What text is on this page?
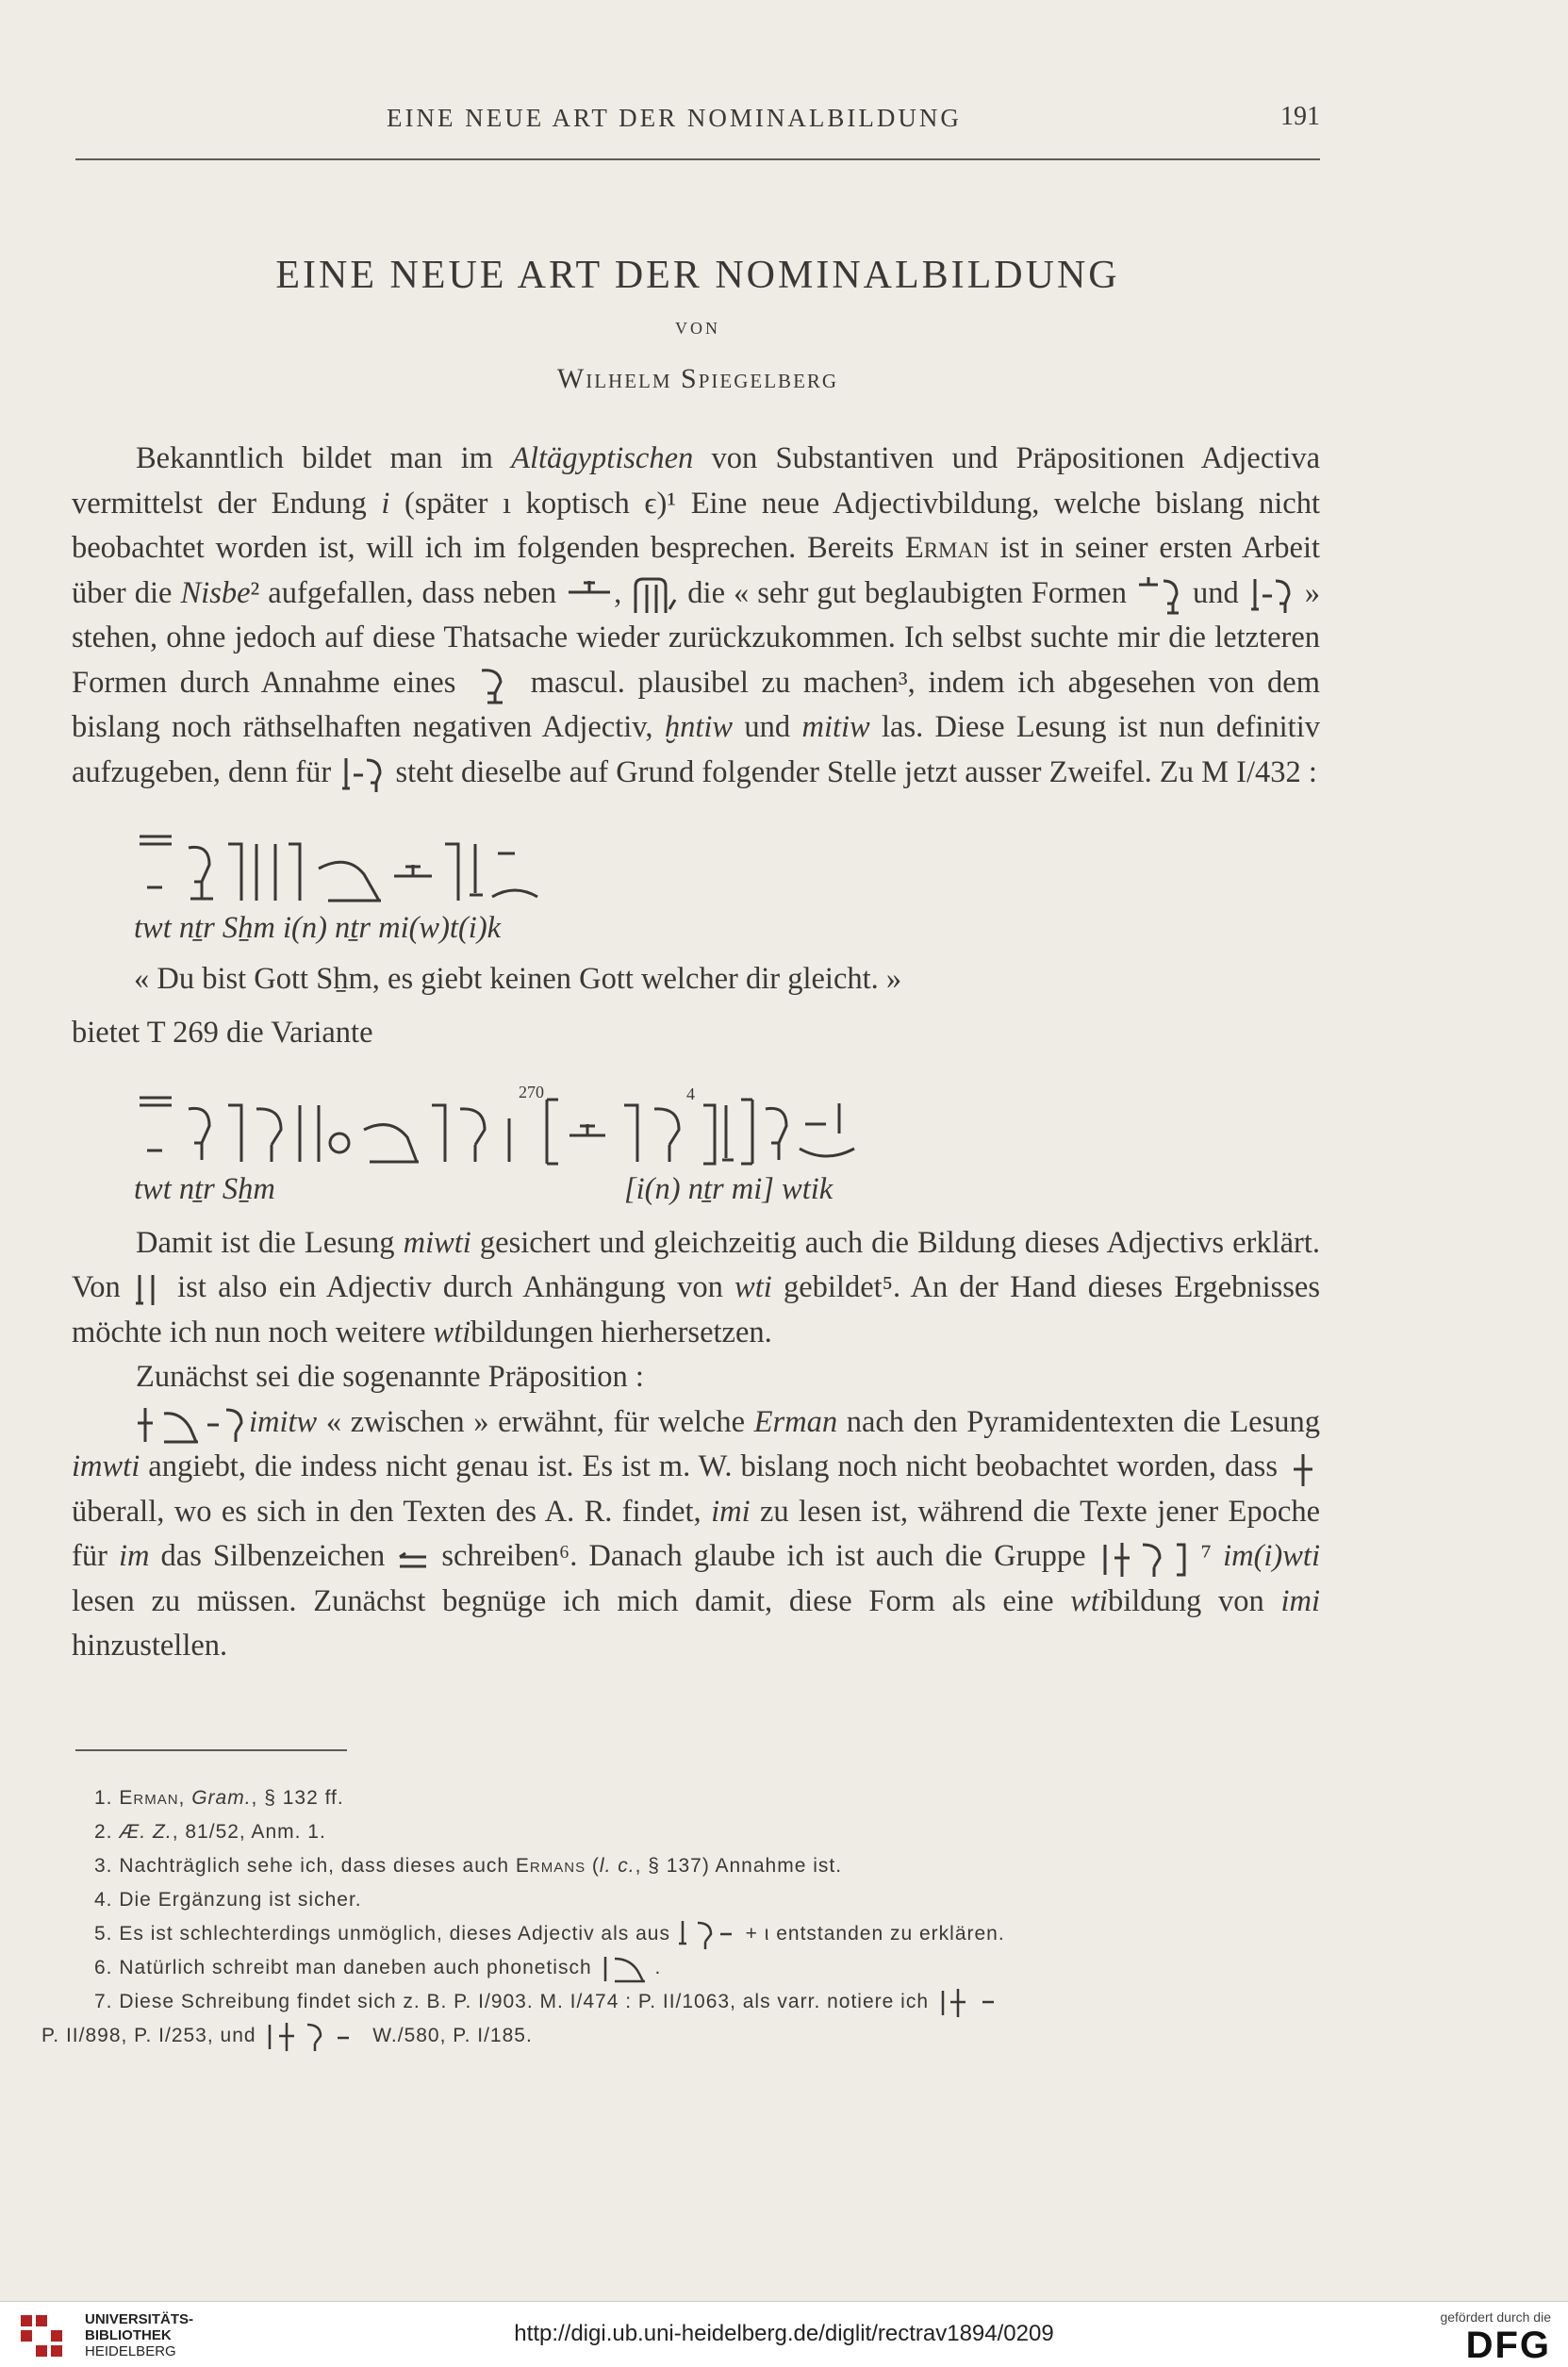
EINE NEUE ART DER NOMINALBILDUNG	191
EINE NEUE ART DER NOMINALBILDUNG
VON
Wilhelm Spiegelberg

Bekanntlich bildet man im Altägyptischen von Substantiven und Präpositionen Adjectiva vermittelst der Endung i (später ı koptisch ϵ)¹ Eine neue Adjectivbildung, welche bislang nicht beobachtet worden ist, will ich im folgenden besprechen. Bereits Erman ist in seiner ersten Arbeit über die Nisbe² aufgefallen, dass neben ,  die « sehr gut beglaubigten Formen  und  » stehen, ohne jedoch auf diese Thatsache wieder zurückzukommen. Ich selbst suchte mir die letzteren Formen durch Annahme eines  mascul. plausibel zu machen³, indem ich abgesehen von dem bislang noch räthselhaften negativen Adjectiv, ḫntiw und mitiw las. Diese Lesung ist nun definitiv aufzugeben, denn für  steht dieselbe auf Grund folgender Stelle jetzt ausser Zweifel. Zu M I/432 :

twt nṯr Sẖm i(n) nṯr mi(w)t(i)k
« Du bist Gott Sẖm, es giebt keinen Gott welcher dir gleicht. »

bietet T 269 die Variante

270	4
twt nṯr Sẖm	[i(n) nṯr mi] wtik

Damit ist die Lesung miwti gesichert und gleichzeitig auch die Bildung dieses Adjectivs erklärt. Von  ist also ein Adjectiv durch Anhängung von wti gebildet⁵. An der Hand dieses Ergebnisses möchte ich nun noch weitere wtibildungen hierhersetzen.

Zunächst sei die sogenannte Präposition :

imitw « zwischen » erwähnt, für welche Erman nach den Pyramidentexten die Lesung imwti angiebt, die indess nicht genau ist. Es ist m. W. bislang noch nicht beobachtet worden, dass  überall, wo es sich in den Texten des A. R. findet, imi zu lesen ist, während die Texte jener Epoche für im das Silbenzeichen  schreiben⁶. Danach glaube ich ist auch die Gruppe	⁷ im(i)wti lesen zu müssen. Zunächst begnüge ich mich damit, diese Form als eine wtibildung von imi hinzustellen.

1. Erman, Gram., § 132 ff.
2. Æ. Z., 81/52, Anm. 1.
3. Nachträglich sehe ich, dass dieses auch Ermans (l. c., § 137) Annahme ist.
4. Die Ergänzung ist sicher.
5. Es ist schlechterdings unmöglich, dieses Adjectiv als aus	+ ι entstanden zu erklären.
6. Natürlich schreibt man daneben auch phonetisch	.
7. Diese Schreibung findet sich z. B. P. I/903. M. I/474 : P. II/1063, als varr. notiere ich
P. II/898, P. I/253, und	W./580, P. I/185.
UNIVERSITÄTS-
BIBLIOTHEK
HEIDELBERG
http://digi.ub.uni-heidelberg.de/diglit/rectrav1894/0209
gefördert durch die
DFG
